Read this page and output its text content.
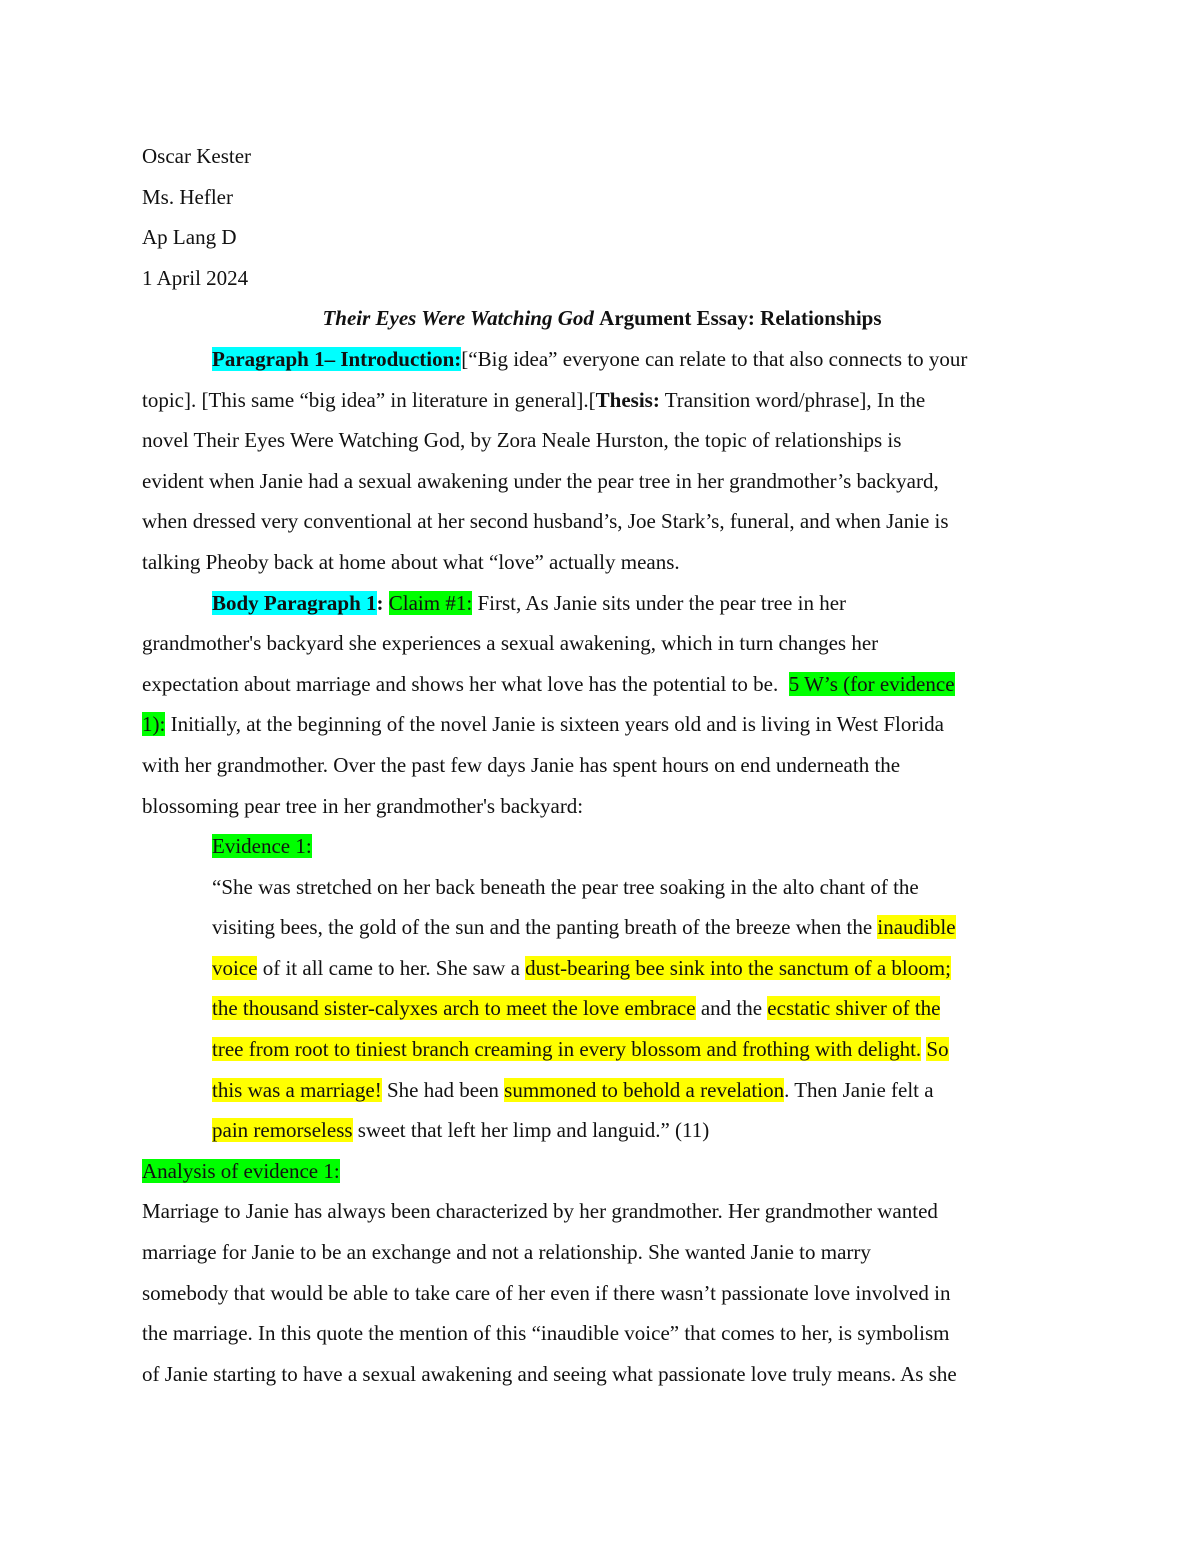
Oscar Kester
Ms. Hefler
Ap Lang D
1 April 2024
Their Eyes Were Watching God Argument Essay: Relationships
Paragraph 1– Introduction:[“Big idea” everyone can relate to that also connects to your
topic]. [This same “big idea” in literature in general].[Thesis: Transition word/phrase], In the
novel Their Eyes Were Watching God, by Zora Neale Hurston, the topic of relationships is
evident when Janie had a sexual awakening under the pear tree in her grandmother’s backyard,
when dressed very conventional at her second husband’s, Joe Stark’s, funeral, and when Janie is
talking Pheoby back at home about what “love” actually means.
Body Paragraph 1: Claim #1: First, As Janie sits under the pear tree in her
grandmother's backyard she experiences a sexual awakening, which in turn changes her
expectation about marriage and shows her what love has the potential to be.  5 W’s (for evidence
1): Initially, at the beginning of the novel Janie is sixteen years old and is living in West Florida
with her grandmother. Over the past few days Janie has spent hours on end underneath the
blossoming pear tree in her grandmother's backyard:
Evidence 1:
“She was stretched on her back beneath the pear tree soaking in the alto chant of the
visiting bees, the gold of the sun and the panting breath of the breeze when the inaudible
voice of it all came to her. She saw a dust-bearing bee sink into the sanctum of a bloom;
the thousand sister-calyxes arch to meet the love embrace and the ecstatic shiver of the
tree from root to tiniest branch creaming in every blossom and frothing with delight. So
this was a marriage! She had been summoned to behold a revelation. Then Janie felt a
pain remorseless sweet that left her limp and languid.” (11)
Analysis of evidence 1:
Marriage to Janie has always been characterized by her grandmother. Her grandmother wanted
marriage for Janie to be an exchange and not a relationship. She wanted Janie to marry
somebody that would be able to take care of her even if there wasn’t passionate love involved in
the marriage. In this quote the mention of this “inaudible voice” that comes to her, is symbolism
of Janie starting to have a sexual awakening and seeing what passionate love truly means. As she
